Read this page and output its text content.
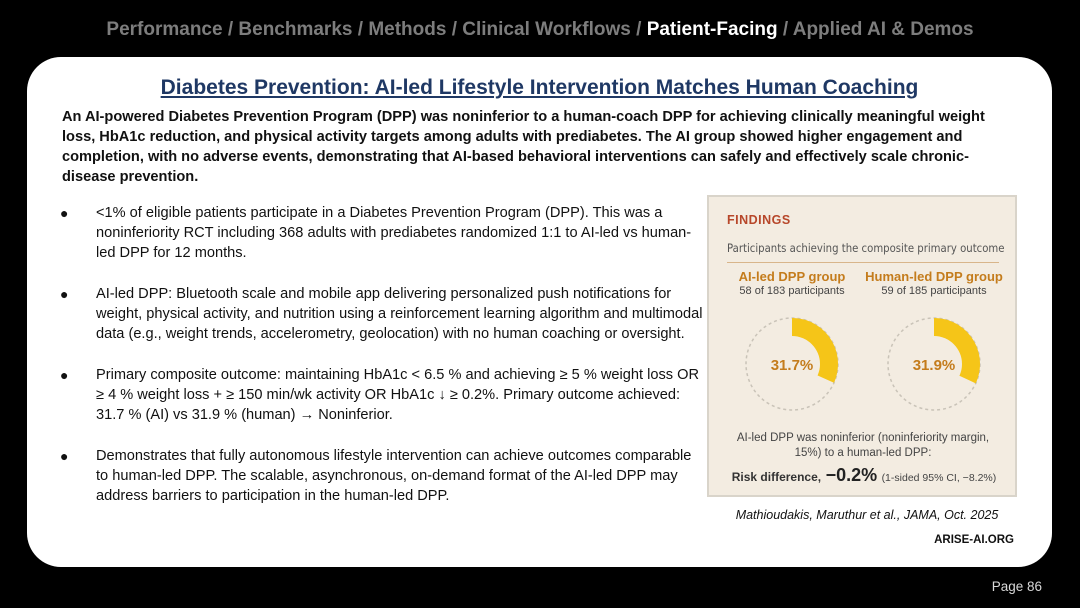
Performance / Benchmarks / Methods / Clinical Workflows / Patient-Facing / Applied AI & Demos
Diabetes Prevention: AI-led Lifestyle Intervention Matches Human Coaching
An AI-powered Diabetes Prevention Program (DPP) was noninferior to a human-coach DPP for achieving clinically meaningful weight loss, HbA1c reduction, and physical activity targets among adults with prediabetes. The AI group showed higher engagement and completion, with no adverse events, demonstrating that AI-based behavioral interventions can safely and effectively scale chronic-disease prevention.
● <1% of eligible patients participate in a Diabetes Prevention Program (DPP). This was a noninferiority RCT including 368 adults with prediabetes randomized 1:1 to AI-led vs human-led DPP for 12 months.
● AI-led DPP: Bluetooth scale and mobile app delivering personalized push notifications for weight, physical activity, and nutrition using a reinforcement learning algorithm and multimodal data (e.g., weight trends, accelerometry, geolocation) with no human coaching or oversight.
● Primary composite outcome: maintaining HbA1c < 6.5 % and achieving ≥ 5 % weight loss OR ≥ 4 % weight loss + ≥ 150 min/wk activity OR HbA1c ↓ ≥ 0.2%. Primary outcome achieved: 31.7 % (AI) vs 31.9 % (human) → Noninferior.
● Demonstrates that fully autonomous lifestyle intervention can achieve outcomes comparable to human-led DPP. The scalable, asynchronous, on-demand format of the AI-led DPP may address barriers to participation in the human-led DPP.
FINDINGS
Participants achieving the composite primary outcome
AI-led DPP group
58 of 183 participants
Human-led DPP group
59 of 185 participants
31.7%	31.9%
AI-led DPP was noninferior (noninferiority margin, 15%) to a human-led DPP:
Risk difference, −0.2% (1-sided 95% CI, −8.2%)
Mathioudakis, Maruthur et al., JAMA, Oct. 2025
ARISE-AI.ORG
Page 86
